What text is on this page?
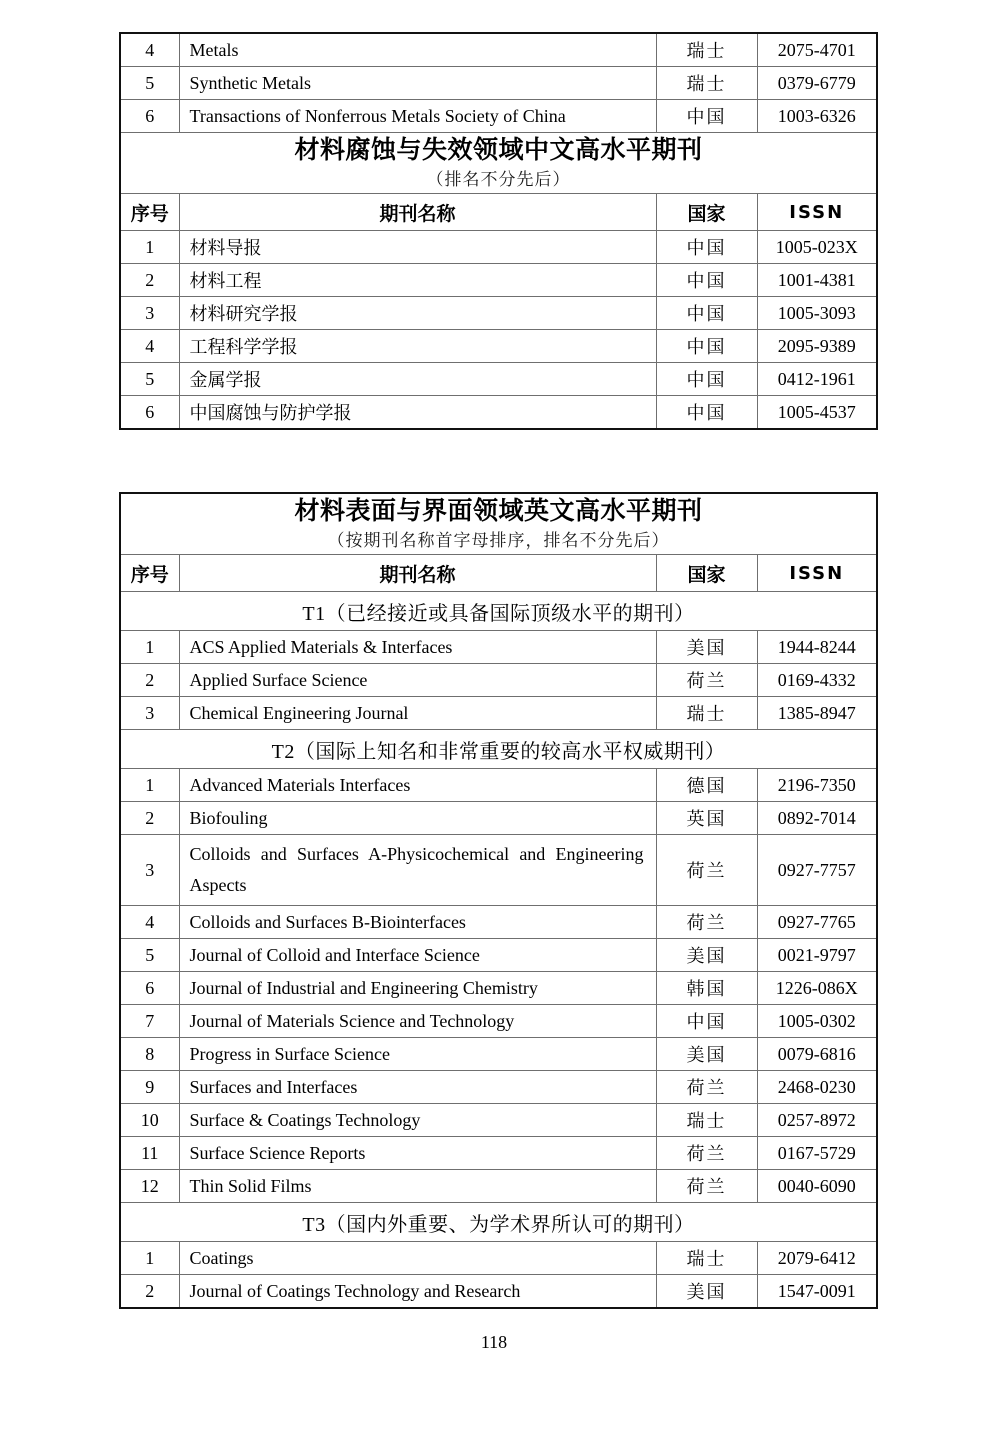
4	Metals	瑞士	2075-4701
5	Synthetic Metals	瑞士	0379-6779
6	Transactions of Nonferrous Metals Society of China	中国	1003-6326

材料腐蚀与失效领域中文高水平期刊
（排名不分先后）			

序号	期刊名称	国家	ISSN
1	材料导报	中国	1005-023X
2	材料工程	中国	1001-4381
3	材料研究学报	中国	1005-3093
4	工程科学学报	中国	2095-9389
5	金属学报	中国	0412-1961
6	中国腐蚀与防护学报	中国	1005-4537
材料表面与界面领域英文高水平期刊
（按期刊名称首字母排序，排名不分先后）			

序号	期刊名称	国家	ISSN
T1（已经接近或具备国际顶级水平的期刊）			
1	ACS Applied Materials & Interfaces	美国	1944-8244
2	Applied Surface Science	荷兰	0169-4332
3	Chemical Engineering Journal	瑞士	1385-8947
T2（国际上知名和非常重要的较高水平权威期刊）			
1	Advanced Materials Interfaces	德国	2196-7350
2	Biofouling	英国	0892-7014
3	Colloids and Surfaces A-Physicochemical and Engineering Aspects	荷兰	0927-7757
4	Colloids and Surfaces B-Biointerfaces	荷兰	0927-7765
5	Journal of Colloid and Interface Science	美国	0021-9797
6	Journal of Industrial and Engineering Chemistry	韩国	1226-086X
7	Journal of Materials Science and Technology	中国	1005-0302
8	Progress in Surface Science	美国	0079-6816
9	Surfaces and Interfaces	荷兰	2468-0230
10	Surface & Coatings Technology	瑞士	0257-8972
11	Surface Science Reports	荷兰	0167-5729
12	Thin Solid Films	荷兰	0040-6090
T3（国内外重要、为学术界所认可的期刊）			
1	Coatings	瑞士	2079-6412
2	Journal of Coatings Technology and Research	美国	1547-0091
118
